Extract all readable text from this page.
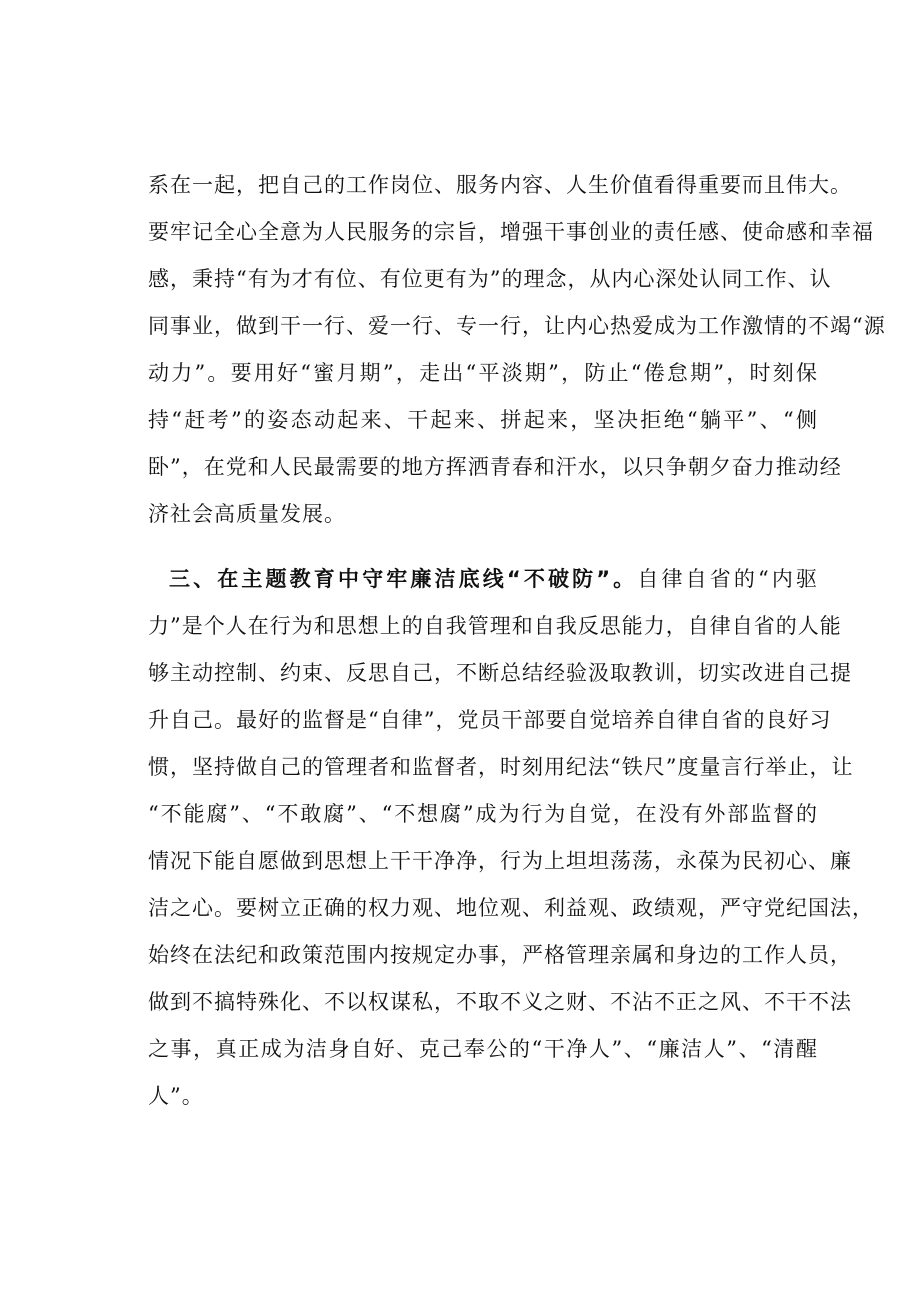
系在一起，把自己的工作岗位、服务内容、人生价值看得重要而且伟大。
要牢记全心全意为人民服务的宗旨，增强干事创业的责任感、使命感和幸福
感，秉持“有为才有位、有位更有为”的理念，从内心深处认同工作、认
同事业，做到干一行、爱一行、专一行，让内心热爱成为工作激情的不竭“源
动力”。要用好“蜜月期”，走出“平淡期”，防止“倦怠期”，时刻保
持“赶考”的姿态动起来、干起来、拼起来，坚决拒绝“躺平”、“侧
卧”，在党和人民最需要的地方挥洒青春和汗水，以只争朝夕奋力推动经
济社会高质量发展。
三、在主题教育中守牢廉洁底线“不破防”。自律自省的“内驱
力”是个人在行为和思想上的自我管理和自我反思能力，自律自省的人能
够主动控制、约束、反思自己，不断总结经验汲取教训，切实改进自己提
升自己。最好的监督是“自律”，党员干部要自觉培养自律自省的良好习
惯，坚持做自己的管理者和监督者，时刻用纪法“铁尺”度量言行举止，让
“不能腐”、“不敢腐”、“不想腐”成为行为自觉，在没有外部监督的
情况下能自愿做到思想上干干净净，行为上坦坦荡荡，永葆为民初心、廉
洁之心。要树立正确的权力观、地位观、利益观、政绩观，严守党纪国法，
始终在法纪和政策范围内按规定办事，严格管理亲属和身边的工作人员，
做到不搞特殊化、不以权谋私，不取不义之财、不沾不正之风、不干不法
之事，真正成为洁身自好、克己奉公的“干净人”、“廉洁人”、“清醒
人”。
